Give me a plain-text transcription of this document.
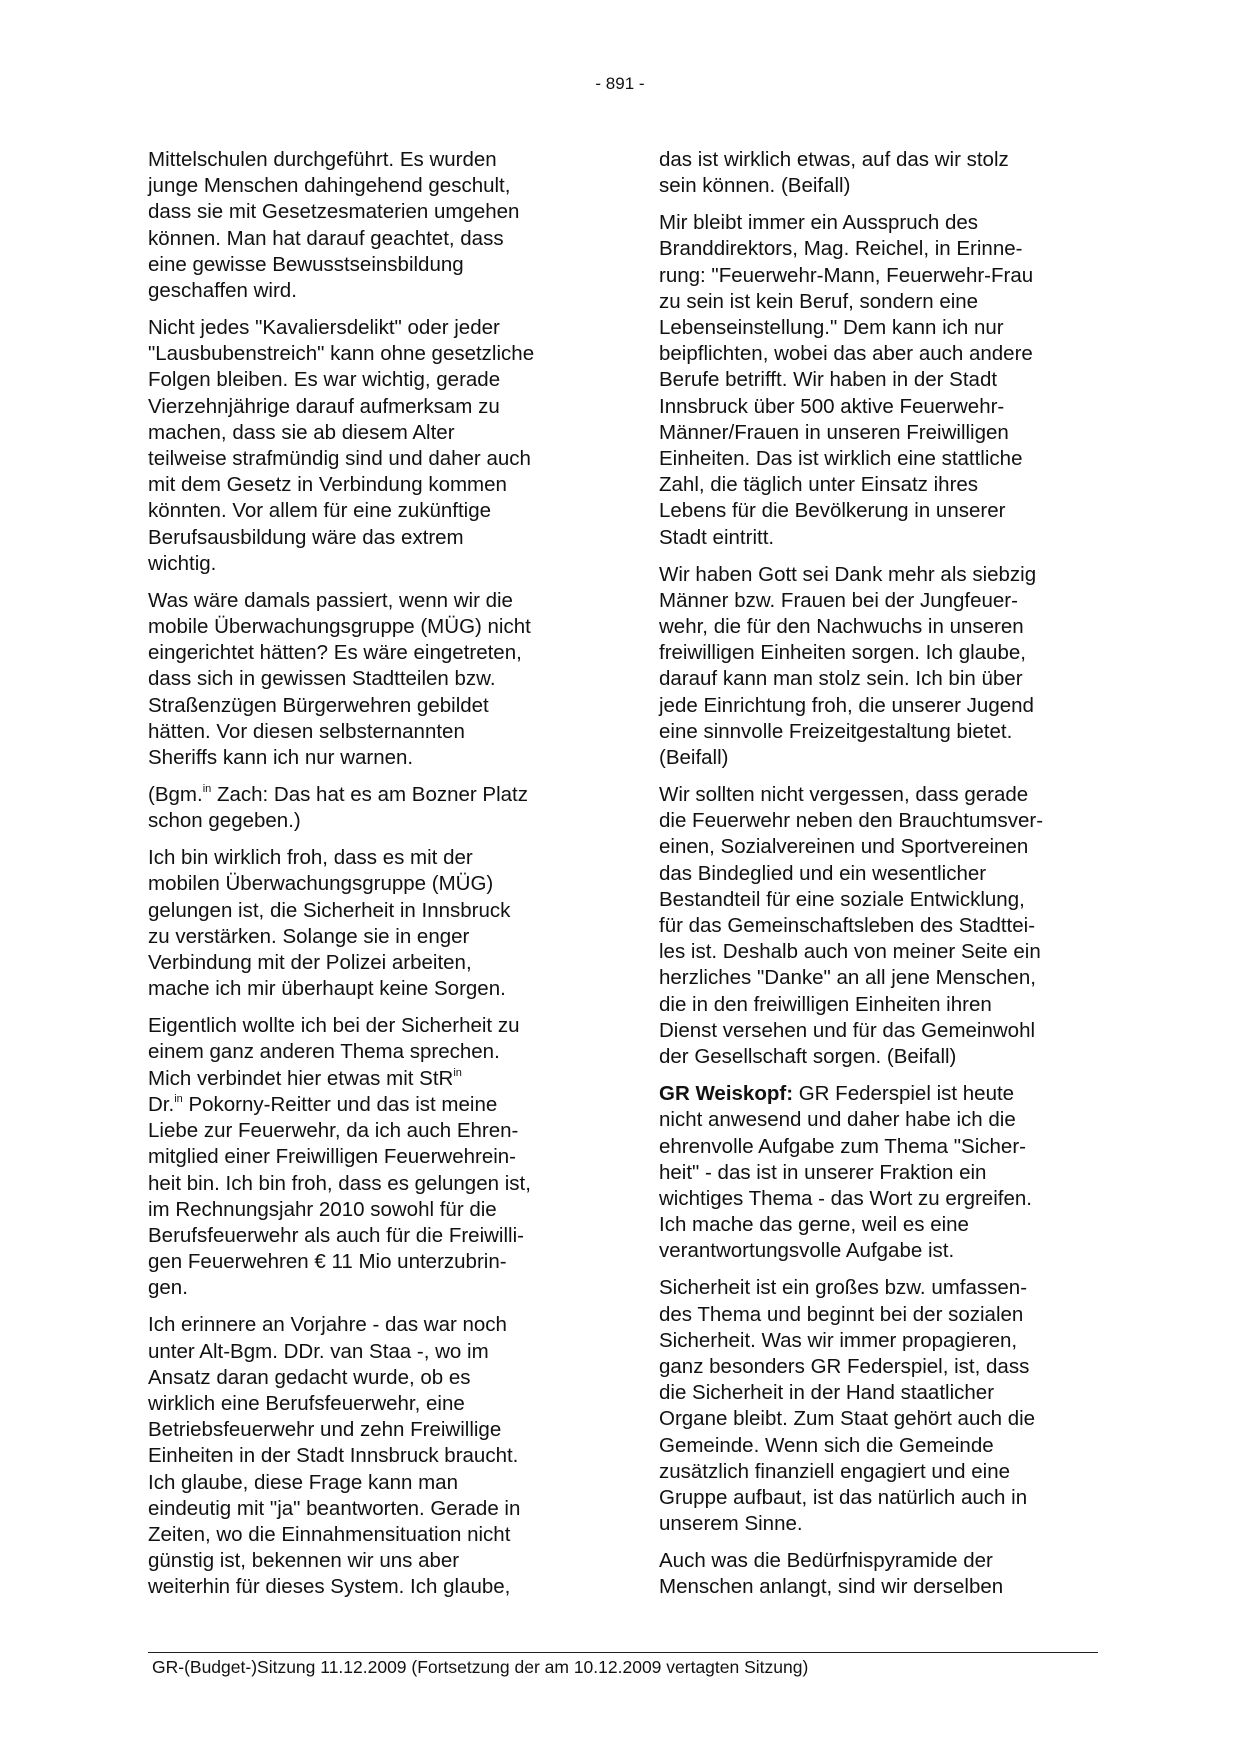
- 891 -

Mittelschulen durchgeführt. Es wurden
junge Menschen dahingehend geschult,
dass sie mit Gesetzesmaterien umgehen
können. Man hat darauf geachtet, dass
eine gewisse Bewusstseinsbildung
geschaffen wird.

Nicht jedes "Kavaliersdelikt" oder jeder
"Lausbubenstreich" kann ohne gesetzliche
Folgen bleiben. Es war wichtig, gerade
Vierzehnjährige darauf aufmerksam zu
machen, dass sie ab diesem Alter
teilweise strafmündig sind und daher auch
mit dem Gesetz in Verbindung kommen
könnten. Vor allem für eine zukünftige
Berufsausbildung wäre das extrem
wichtig.

Was wäre damals passiert, wenn wir die
mobile Überwachungsgruppe (MÜG) nicht
eingerichtet hätten? Es wäre eingetreten,
dass sich in gewissen Stadtteilen bzw.
Straßenzügen Bürgerwehren gebildet
hätten. Vor diesen selbsternannten
Sheriffs kann ich nur warnen.

(Bgm.$^{in}$ Zach: Das hat es am Bozner Platz
schon gegeben.)

Ich bin wirklich froh, dass es mit der
mobilen Überwachungsgruppe (MÜG)
gelungen ist, die Sicherheit in Innsbruck
zu verstärken. Solange sie in enger
Verbindung mit der Polizei arbeiten,
mache ich mir überhaupt keine Sorgen.

Eigentlich wollte ich bei der Sicherheit zu
einem ganz anderen Thema sprechen.
Mich verbindet hier etwas mit StR$^{in}$
Dr.$^{in}$ Pokorny-Reitter und das ist meine
Liebe zur Feuerwehr, da ich auch Ehren-
mitglied einer Freiwilligen Feuerwehrein-
heit bin. Ich bin froh, dass es gelungen ist,
im Rechnungsjahr 2010 sowohl für die
Berufsfeuerwehr als auch für die Freiwilli-
gen Feuerwehren € 11 Mio unterzubrin-
gen.

Ich erinnere an Vorjahre - das war noch
unter Alt-Bgm. DDr. van Staa -, wo im
Ansatz daran gedacht wurde, ob es
wirklich eine Berufsfeuerwehr, eine
Betriebsfeuerwehr und zehn Freiwillige
Einheiten in der Stadt Innsbruck braucht.
Ich glaube, diese Frage kann man
eindeutig mit "ja" beantworten. Gerade in
Zeiten, wo die Einnahmensituation nicht
günstig ist, bekennen wir uns aber
weiterhin für dieses System. Ich glaube,

das ist wirklich etwas, auf das wir stolz
sein können. (Beifall)

Mir bleibt immer ein Ausspruch des
Branddirektors, Mag. Reichel, in Erinne-
rung: "Feuerwehr-Mann, Feuerwehr-Frau
zu sein ist kein Beruf, sondern eine
Lebenseinstellung." Dem kann ich nur
beipflichten, wobei das aber auch andere
Berufe betrifft. Wir haben in der Stadt
Innsbruck über 500 aktive Feuerwehr-
Männer/Frauen in unseren Freiwilligen
Einheiten. Das ist wirklich eine stattliche
Zahl, die täglich unter Einsatz ihres
Lebens für die Bevölkerung in unserer
Stadt eintritt.

Wir haben Gott sei Dank mehr als siebzig
Männer bzw. Frauen bei der Jungfeuer-
wehr, die für den Nachwuchs in unseren
freiwilligen Einheiten sorgen. Ich glaube,
darauf kann man stolz sein. Ich bin über
jede Einrichtung froh, die unserer Jugend
eine sinnvolle Freizeitgestaltung bietet.
(Beifall)

Wir sollten nicht vergessen, dass gerade
die Feuerwehr neben den Brauchtumsver-
einen, Sozialvereinen und Sportvereinen
das Bindeglied und ein wesentlicher
Bestandteil für eine soziale Entwicklung,
für das Gemeinschaftsleben des Stadttei-
les ist. Deshalb auch von meiner Seite ein
herzliches "Danke" an all jene Menschen,
die in den freiwilligen Einheiten ihren
Dienst versehen und für das Gemeinwohl
der Gesellschaft sorgen. (Beifall)

GR Weiskopf: GR Federspiel ist heute
nicht anwesend und daher habe ich die
ehrenvolle Aufgabe zum Thema "Sicher-
heit" - das ist in unserer Fraktion ein
wichtiges Thema - das Wort zu ergreifen.
Ich mache das gerne, weil es eine
verantwortungsvolle Aufgabe ist.

Sicherheit ist ein großes bzw. umfassen-
des Thema und beginnt bei der sozialen
Sicherheit. Was wir immer propagieren,
ganz besonders GR Federspiel, ist, dass
die Sicherheit in der Hand staatlicher
Organe bleibt. Zum Staat gehört auch die
Gemeinde. Wenn sich die Gemeinde
zusätzlich finanziell engagiert und eine
Gruppe aufbaut, ist das natürlich auch in
unserem Sinne.

Auch was die Bedürfnispyramide der
Menschen anlangt, sind wir derselben

GR-(Budget-)Sitzung 11.12.2009 (Fortsetzung der am 10.12.2009 vertagten Sitzung)
